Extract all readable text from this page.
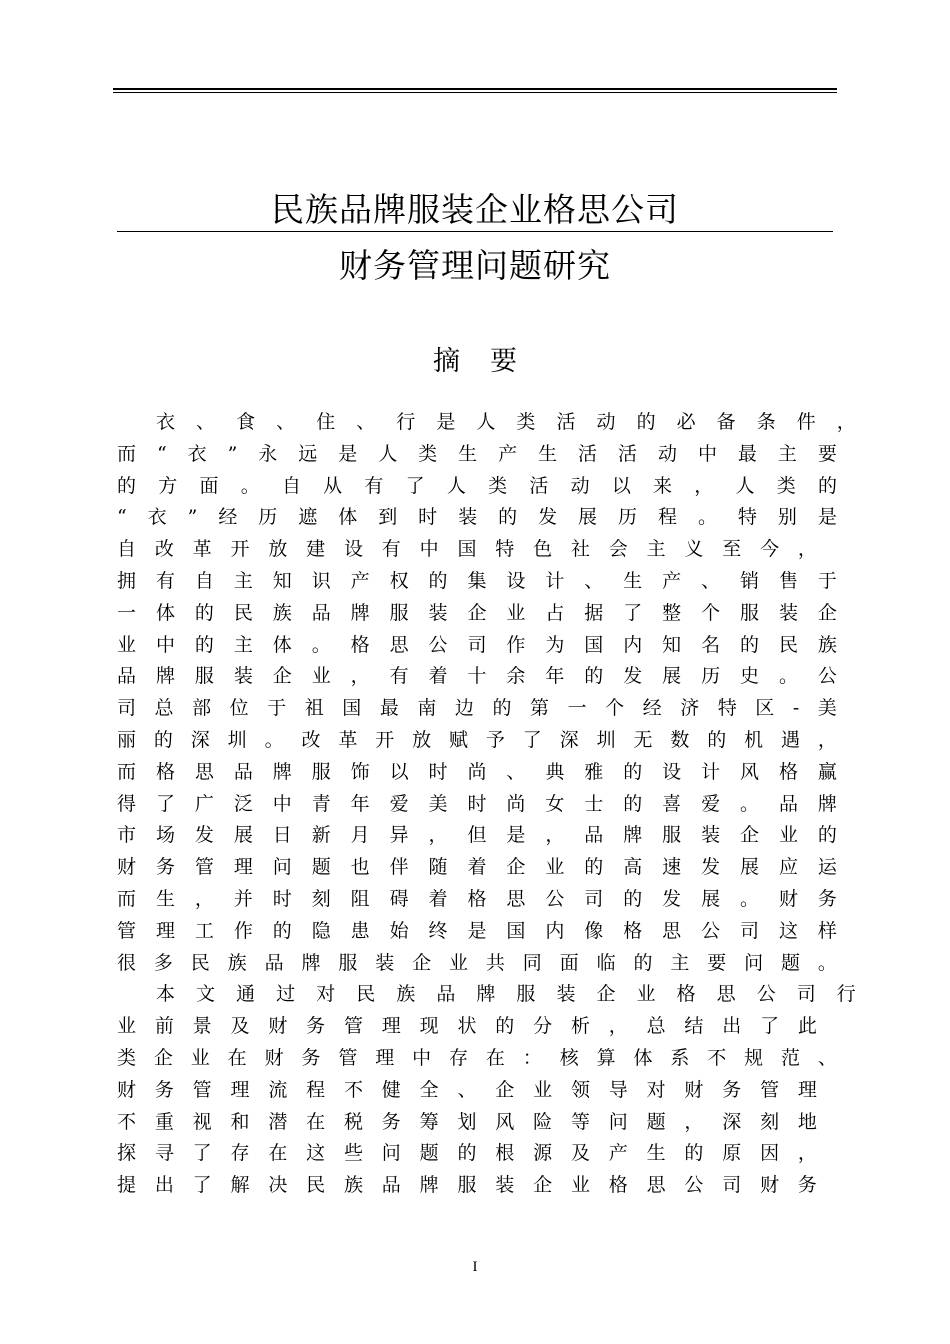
民族品牌服装企业格思公司
财务管理问题研究
摘要
衣 、 食 、 住 、 行 是 人 类 活 动 的 必 备 条 件 ，
而 “ 衣 ” 永 远 是 人 类 生 产 生 活 活 动 中 最 主 要
的 方 面 。 自 从 有 了 人 类 活 动 以 来 ， 人 类 的
“ 衣 ” 经 历 遮 体 到 时 装 的 发 展 历 程 。 特 别 是
自 改 革 开 放 建 设 有 中 国 特 色 社 会 主 义 至 今 ，
拥 有 自 主 知 识 产 权 的 集 设 计 、 生 产 、 销 售 于
一 体 的 民 族 品 牌 服 装 企 业 占 据 了 整 个 服 装 企
业 中 的 主 体 。 格 思 公 司 作 为 国 内 知 名 的 民 族
品 牌 服 装 企 业 ， 有 着 十 余 年 的 发 展 历 史 。 公
司 总 部 位 于 祖 国 最 南 边 的 第 一 个 经 济 特 区 - 美
丽 的 深 圳 。 改 革 开 放 赋 予 了 深 圳 无 数 的 机 遇 ，
而 格 思 品 牌 服 饰 以 时 尚 、 典 雅 的 设 计 风 格 赢
得 了 广 泛 中 青 年 爱 美 时 尚 女 士 的 喜 爱 。 品 牌
市 场 发 展 日 新 月 异 ， 但 是 ， 品 牌 服 装 企 业 的
财 务 管 理 问 题 也 伴 随 着 企 业 的 高 速 发 展 应 运
而 生 ， 并 时 刻 阻 碍 着 格 思 公 司 的 发 展 。 财 务
管 理 工 作 的 隐 患 始 终 是 国 内 像 格 思 公 司 这 样
很 多 民 族 品 牌 服 装 企 业 共 同 面 临 的 主 要 问 题 。
本 文 通 过 对 民 族 品 牌 服 装 企 业 格 思 公 司 行
业 前 景 及 财 务 管 理 现 状 的 分 析 ， 总 结 出 了 此
类 企 业 在 财 务 管 理 中 存 在 ： 核 算 体 系 不 规 范 、
财 务 管 理 流 程 不 健 全 、 企 业 领 导 对 财 务 管 理
不 重 视 和 潜 在 税 务 筹 划 风 险 等 问 题 ， 深 刻 地
探 寻 了 存 在 这 些 问 题 的 根 源 及 产 生 的 原 因 ，
提 出 了 解 决 民 族 品 牌 服 装 企 业 格 思 公 司 财 务
I
